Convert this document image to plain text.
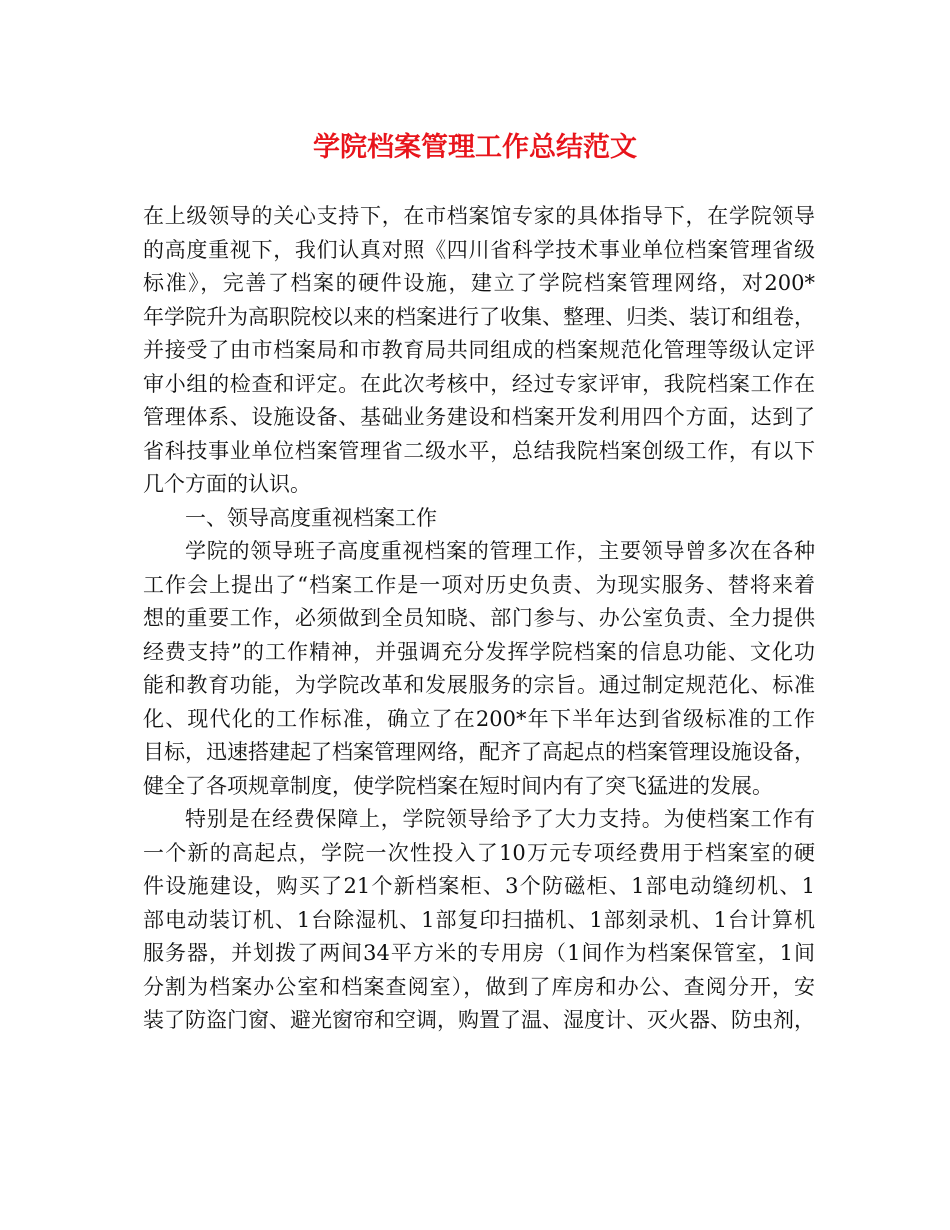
学院档案管理工作总结范文
在上级领导的关心支持下，在市档案馆专家的具体指导下，在学院领导
的高度重视下，我们认真对照《四川省科学技术事业单位档案管理省级
标准》，完善了档案的硬件设施，建立了学院档案管理网络，对200*
年学院升为高职院校以来的档案进行了收集、整理、归类、装订和组卷，
并接受了由市档案局和市教育局共同组成的档案规范化管理等级认定评
审小组的检查和评定。在此次考核中，经过专家评审，我院档案工作在
管理体系、设施设备、基础业务建设和档案开发利用四个方面，达到了
省科技事业单位档案管理省二级水平，总结我院档案创级工作，有以下
几个方面的认识。
一、领导高度重视档案工作
学院的领导班子高度重视档案的管理工作，主要领导曾多次在各种
工作会上提出了“档案工作是一项对历史负责、为现实服务、替将来着
想的重要工作，必须做到全员知晓、部门参与、办公室负责、全力提供
经费支持”的工作精神，并强调充分发挥学院档案的信息功能、文化功
能和教育功能，为学院改革和发展服务的宗旨。通过制定规范化、标准
化、现代化的工作标准，确立了在200*年下半年达到省级标准的工作
目标，迅速搭建起了档案管理网络，配齐了高起点的档案管理设施设备，
健全了各项规章制度，使学院档案在短时间内有了突飞猛进的发展。
特别是在经费保障上，学院领导给予了大力支持。为使档案工作有
一个新的高起点，学院一次性投入了10万元专项经费用于档案室的硬
件设施建设，购买了21个新档案柜、3个防磁柜、1部电动缝纫机、1
部电动装订机、1台除湿机、1部复印扫描机、1部刻录机、1台计算机
服务器，并划拨了两间34平方米的专用房（1间作为档案保管室，1间
分割为档案办公室和档案查阅室），做到了库房和办公、查阅分开，安
装了防盗门窗、避光窗帘和空调，购置了温、湿度计、灭火器、防虫剂，
